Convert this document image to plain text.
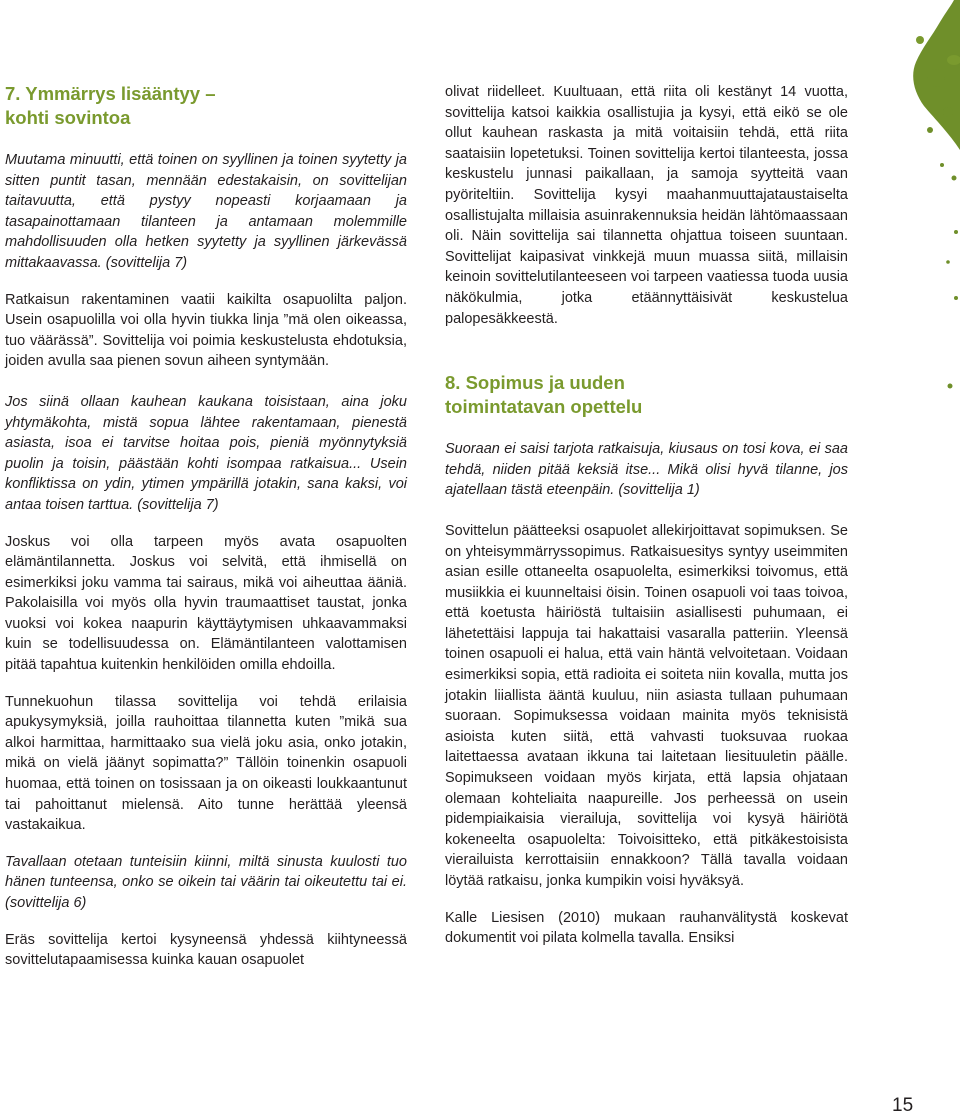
7. Ymmärrys lisääntyy –
kohti sovintoa

Muutama minuutti, että toinen on syyllinen ja toinen syytetty ja sitten puntit tasan, mennään edestakaisin, on sovittelijan taitavuutta, että pystyy nopeasti korjaamaan ja tasapainottamaan tilanteen ja antamaan molemmille mahdollisuuden olla hetken syytetty ja syyllinen järkevässä mittakaavassa. (sovittelija 7)

Ratkaisun rakentaminen vaatii kaikilta osapuolilta paljon. Usein osapuolilla voi olla hyvin tiukka linja ”mä olen oikeassa, tuo väärässä”. Sovittelija voi poimia keskustelusta ehdotuksia, joiden avulla saa pienen sovun aiheen syntymään.

Jos siinä ollaan kauhean kaukana toisistaan, aina joku yhtymäkohta, mistä sopua lähtee rakentamaan, pienestä asiasta, isoa ei tarvitse hoitaa pois, pieniä myönnytyksiä puolin ja toisin, päästään kohti isompaa ratkaisua... Usein konfliktissa on ydin, ytimen ympärillä jotakin, sana kaksi, voi antaa toisen tarttua. (sovittelija 7)

Joskus voi olla tarpeen myös avata osapuolten elämäntilannetta. Joskus voi selvitä, että ihmisellä on esimerkiksi joku vamma tai sairaus, mikä voi aiheuttaa ääniä. Pakolaisilla voi myös olla hyvin traumaattiset taustat, jonka vuoksi voi kokea naapurin käyttäytymisen uhkaavammaksi kuin se todellisuudessa on. Elämäntilanteen valottamisen pitää tapahtua kuitenkin henkilöiden omilla ehdoilla.

Tunnekuohun tilassa sovittelija voi tehdä erilaisia apukysymyksiä, joilla rauhoittaa tilannetta kuten ”mikä sua alkoi harmittaa, harmittaako sua vielä joku asia, onko jotakin, mikä on vielä jäänyt sopimatta?” Tällöin toinenkin osapuoli huomaa, että toinen on tosissaan ja on oikeasti loukkaantunut tai pahoittanut mielensä. Aito tunne herättää yleensä vastakaikua.

Tavallaan otetaan tunteisiin kiinni, miltä sinusta kuulosti tuo hänen tunteensa, onko se oikein tai väärin tai oikeutettu tai ei. (sovittelija 6)

Eräs sovittelija kertoi kysyneensä yhdessä kiihtyneessä sovittelutapaamisessa kuinka kauan osapuolet

olivat riidelleet. Kuultuaan, että riita oli kestänyt 14 vuotta, sovittelija katsoi kaikkia osallistujia ja kysyi, että eikö se ole ollut kauhean raskasta ja mitä voitaisiin tehdä, että riita saataisiin lopetetuksi. Toinen sovittelija kertoi tilanteesta, jossa keskustelu junnasi paikallaan, ja samoja syytteitä vaan pyöriteltiin. Sovittelija kysyi maahanmuuttajataustaiselta osallistujalta millaisia asuinrakennuksia heidän lähtömaassaan oli. Näin sovittelija sai tilannetta ohjattua toiseen suuntaan. Sovittelijat kaipasivat vinkkejä muun muassa siitä, millaisin keinoin sovittelutilanteeseen voi tarpeen vaatiessa tuoda uusia näkökulmia, jotka etäännyttäisivät keskustelua palopesäkkeestä.

8. Sopimus ja uuden
toimintatavan opettelu

Suoraan ei saisi tarjota ratkaisuja, kiusaus on tosi kova, ei saa tehdä, niiden pitää keksiä itse... Mikä olisi hyvä tilanne, jos ajatellaan tästä eteenpäin. (sovittelija 1)

Sovittelun päätteeksi osapuolet allekirjoittavat sopimuksen. Se on yhteisymmärryssopimus. Ratkaisuesitys syntyy useimmiten asian esille ottaneelta osapuolelta, esimerkiksi toivomus, että musiikkia ei kuunneltaisi öisin. Toinen osapuoli voi taas toivoa, että koetusta häiriöstä tultaisiin asiallisesti puhumaan, ei lähetettäisi lappuja tai hakattaisi vasaralla patteriin. Yleensä toinen osapuoli ei halua, että vain häntä velvoitetaan. Voidaan esimerkiksi sopia, että radioita ei soiteta niin kovalla, mutta jos jotakin liiallista ääntä kuuluu, niin asiasta tullaan puhumaan suoraan. Sopimuksessa voidaan mainita myös teknisistä asioista kuten siitä, että vahvasti tuoksuvaa ruokaa laitettaessa avataan ikkuna tai laitetaan liesituuletin päälle. Sopimukseen voidaan myös kirjata, että lapsia ohjataan olemaan kohteliaita naapureille. Jos perheessä on usein pidempiaikaisia vierailuja, sovittelija voi kysyä häiriötä kokeneelta osapuolelta: Toivoisitteko, että pitkäkestoisista vierailuista kerrottaisiin ennakkoon? Tällä tavalla voidaan löytää ratkaisu, jonka kumpikin voisi hyväksyä.

Kalle Liesisen (2010) mukaan rauhanvälitystä koskevat dokumentit voi pilata kolmella tavalla. Ensiksi

15
